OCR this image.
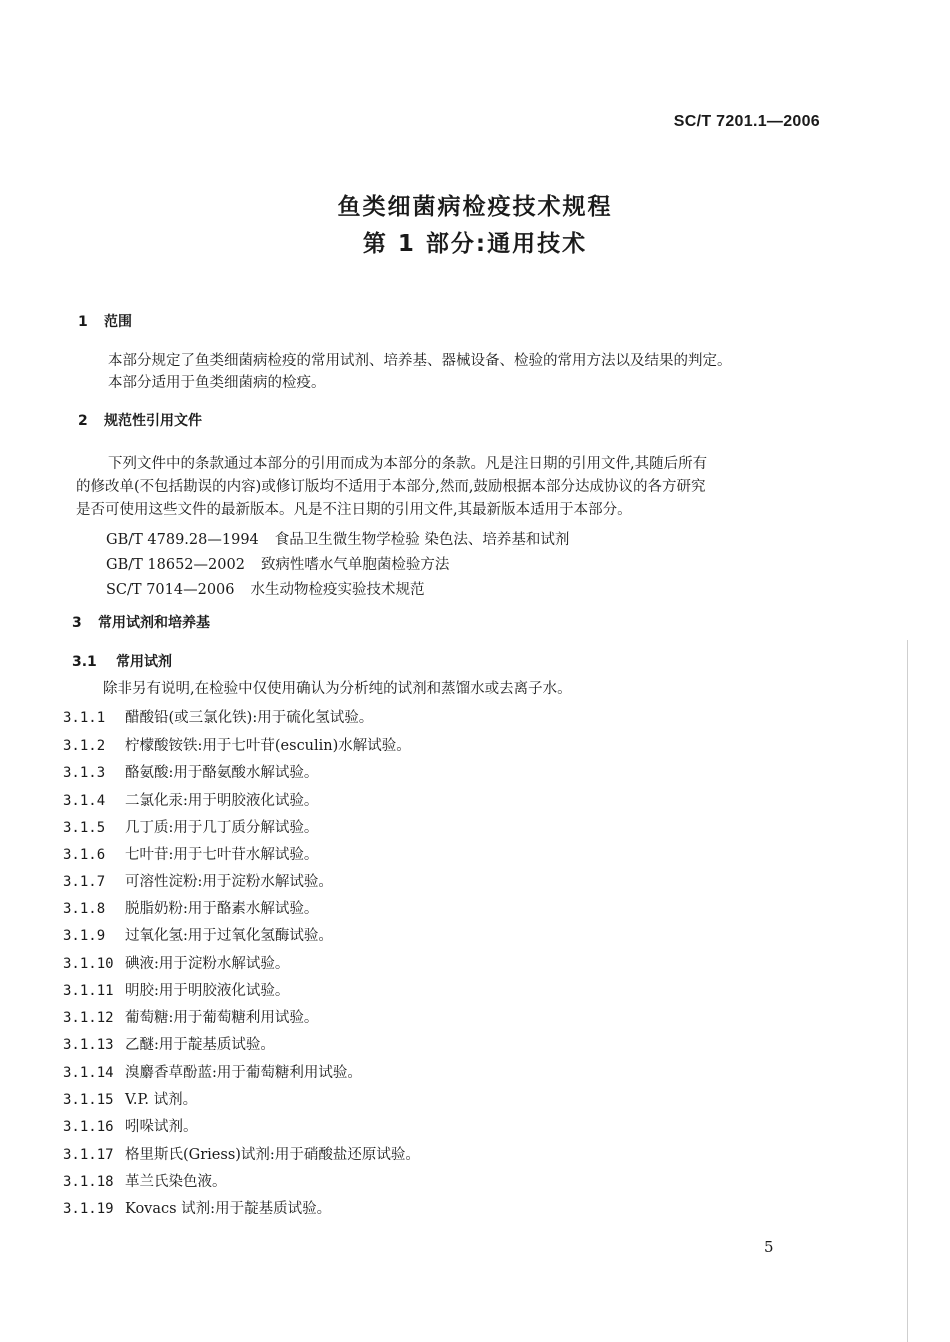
SC/T 7201.1—2006
鱼类细菌病检疫技术规程
第 1 部分:通用技术
1 范围
本部分规定了鱼类细菌病检疫的常用试剂、培养基、器械设备、检验的常用方法以及结果的判定。
本部分适用于鱼类细菌病的检疫。
2 规范性引用文件
下列文件中的条款通过本部分的引用而成为本部分的条款。凡是注日期的引用文件,其随后所有
的修改单(不包括勘误的内容)或修订版均不适用于本部分,然而,鼓励根据本部分达成协议的各方研究
是否可使用这些文件的最新版本。凡是不注日期的引用文件,其最新版本适用于本部分。
GB/T 4789.28—1994 食品卫生微生物学检验 染色法、培养基和试剂
GB/T 18652—2002 致病性嗜水气单胞菌检验方法
SC/T 7014—2006 水生动物检疫实验技术规范
3 常用试剂和培养基
3.1 常用试剂
除非另有说明,在检验中仅使用确认为分析纯的试剂和蒸馏水或去离子水。
3.1.1 醋酸铅(或三氯化铁):用于硫化氢试验。
3.1.2 柠檬酸铵铁:用于七叶苷(esculin)水解试验。
3.1.3 酪氨酸:用于酪氨酸水解试验。
3.1.4 二氯化汞:用于明胶液化试验。
3.1.5 几丁质:用于几丁质分解试验。
3.1.6 七叶苷:用于七叶苷水解试验。
3.1.7 可溶性淀粉:用于淀粉水解试验。
3.1.8 脱脂奶粉:用于酪素水解试验。
3.1.9 过氧化氢:用于过氧化氢酶试验。
3.1.10 碘液:用于淀粉水解试验。
3.1.11 明胶:用于明胶液化试验。
3.1.12 葡萄糖:用于葡萄糖利用试验。
3.1.13 乙醚:用于靛基质试验。
3.1.14 溴麝香草酚蓝:用于葡萄糖利用试验。
3.1.15 V.P. 试剂。
3.1.16 吲哚试剂。
3.1.17 格里斯氏(Griess)试剂:用于硝酸盐还原试验。
3.1.18 革兰氏染色液。
3.1.19 Kovacs 试剂:用于靛基质试验。
5
